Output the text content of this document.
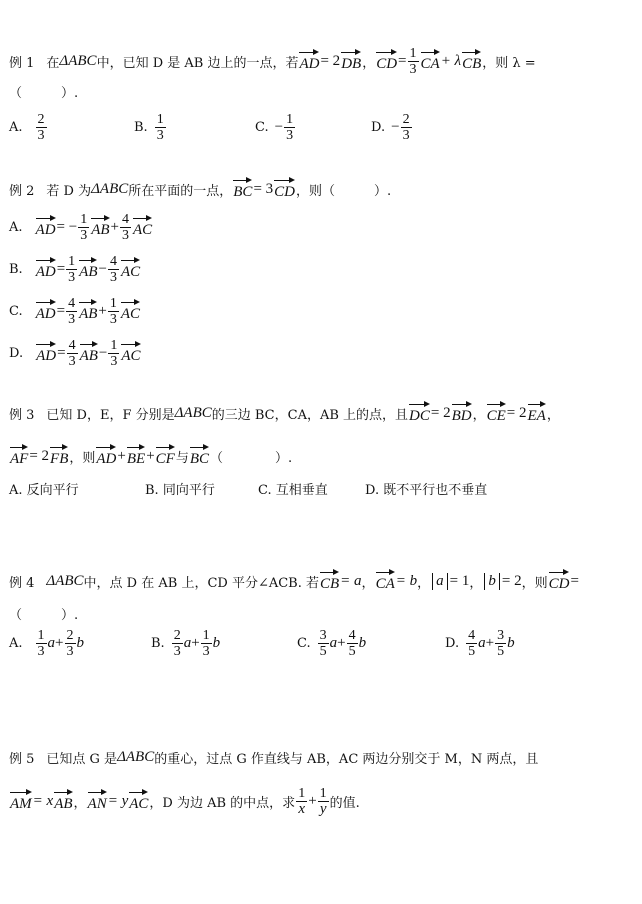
例 1 在 ΔABC 中，已知 D 是 AB 边上的一点，若 AD = 2 DB ， CD = $\frac{1}{3}$ CA + λ CB ，则 λ =
（　　　）.
A. $\frac{2}{3}$	B. $\frac{1}{3}$	C. − $\frac{1}{3}$	D. − $\frac{2}{3}$
例 2 若 D 为 ΔABC 所在平面的一点， BC = 3 CD ，则（　　　）.
A. AD = − $\frac{1}{3}$ AB + $\frac{4}{3}$ AC
B. AD = $\frac{1}{3}$ AB − $\frac{4}{3}$ AC
C. AD = $\frac{4}{3}$ AB + $\frac{1}{3}$ AC
D. AD = $\frac{4}{3}$ AB − $\frac{1}{3}$ AC
例 3 已知 D，E，F 分别是 ΔABC 的三边 BC，CA，AB 上的点，且 DC = 2 BD ， CE = 2 EA ，
AF = 2 FB ，则 AD + BE + CF 与 BC （　　　　）.
A. 反向平行	B. 同向平行	C. 互相垂直	D. 既不平行也不垂直
例 4 ΔABC 中，点 D 在 AB 上，CD 平分∠ACB. 若 CB = a ， CA = b ， a = 1 ， b = 2 ，则 CD =
（　　　）.
A. $\frac{1}{3}$ $a + \frac{2}{3}$ b	B. $\frac{2}{3}$ $a + \frac{1}{3}$ b	C. $\frac{3}{5}$ $a + \frac{4}{5}$ b	D. $\frac{4}{5}$ $a + \frac{3}{5}$ b
例 5 已知点 G 是 ΔABC 的重心，过点 G 作直线与 AB，AC 两边分别交于 M，N 两点，且
AM = x AB ， AN = y AC ，D 为边 AB 的中点，求 $\frac{1}{x} + \frac{1}{y}$ 的值.
